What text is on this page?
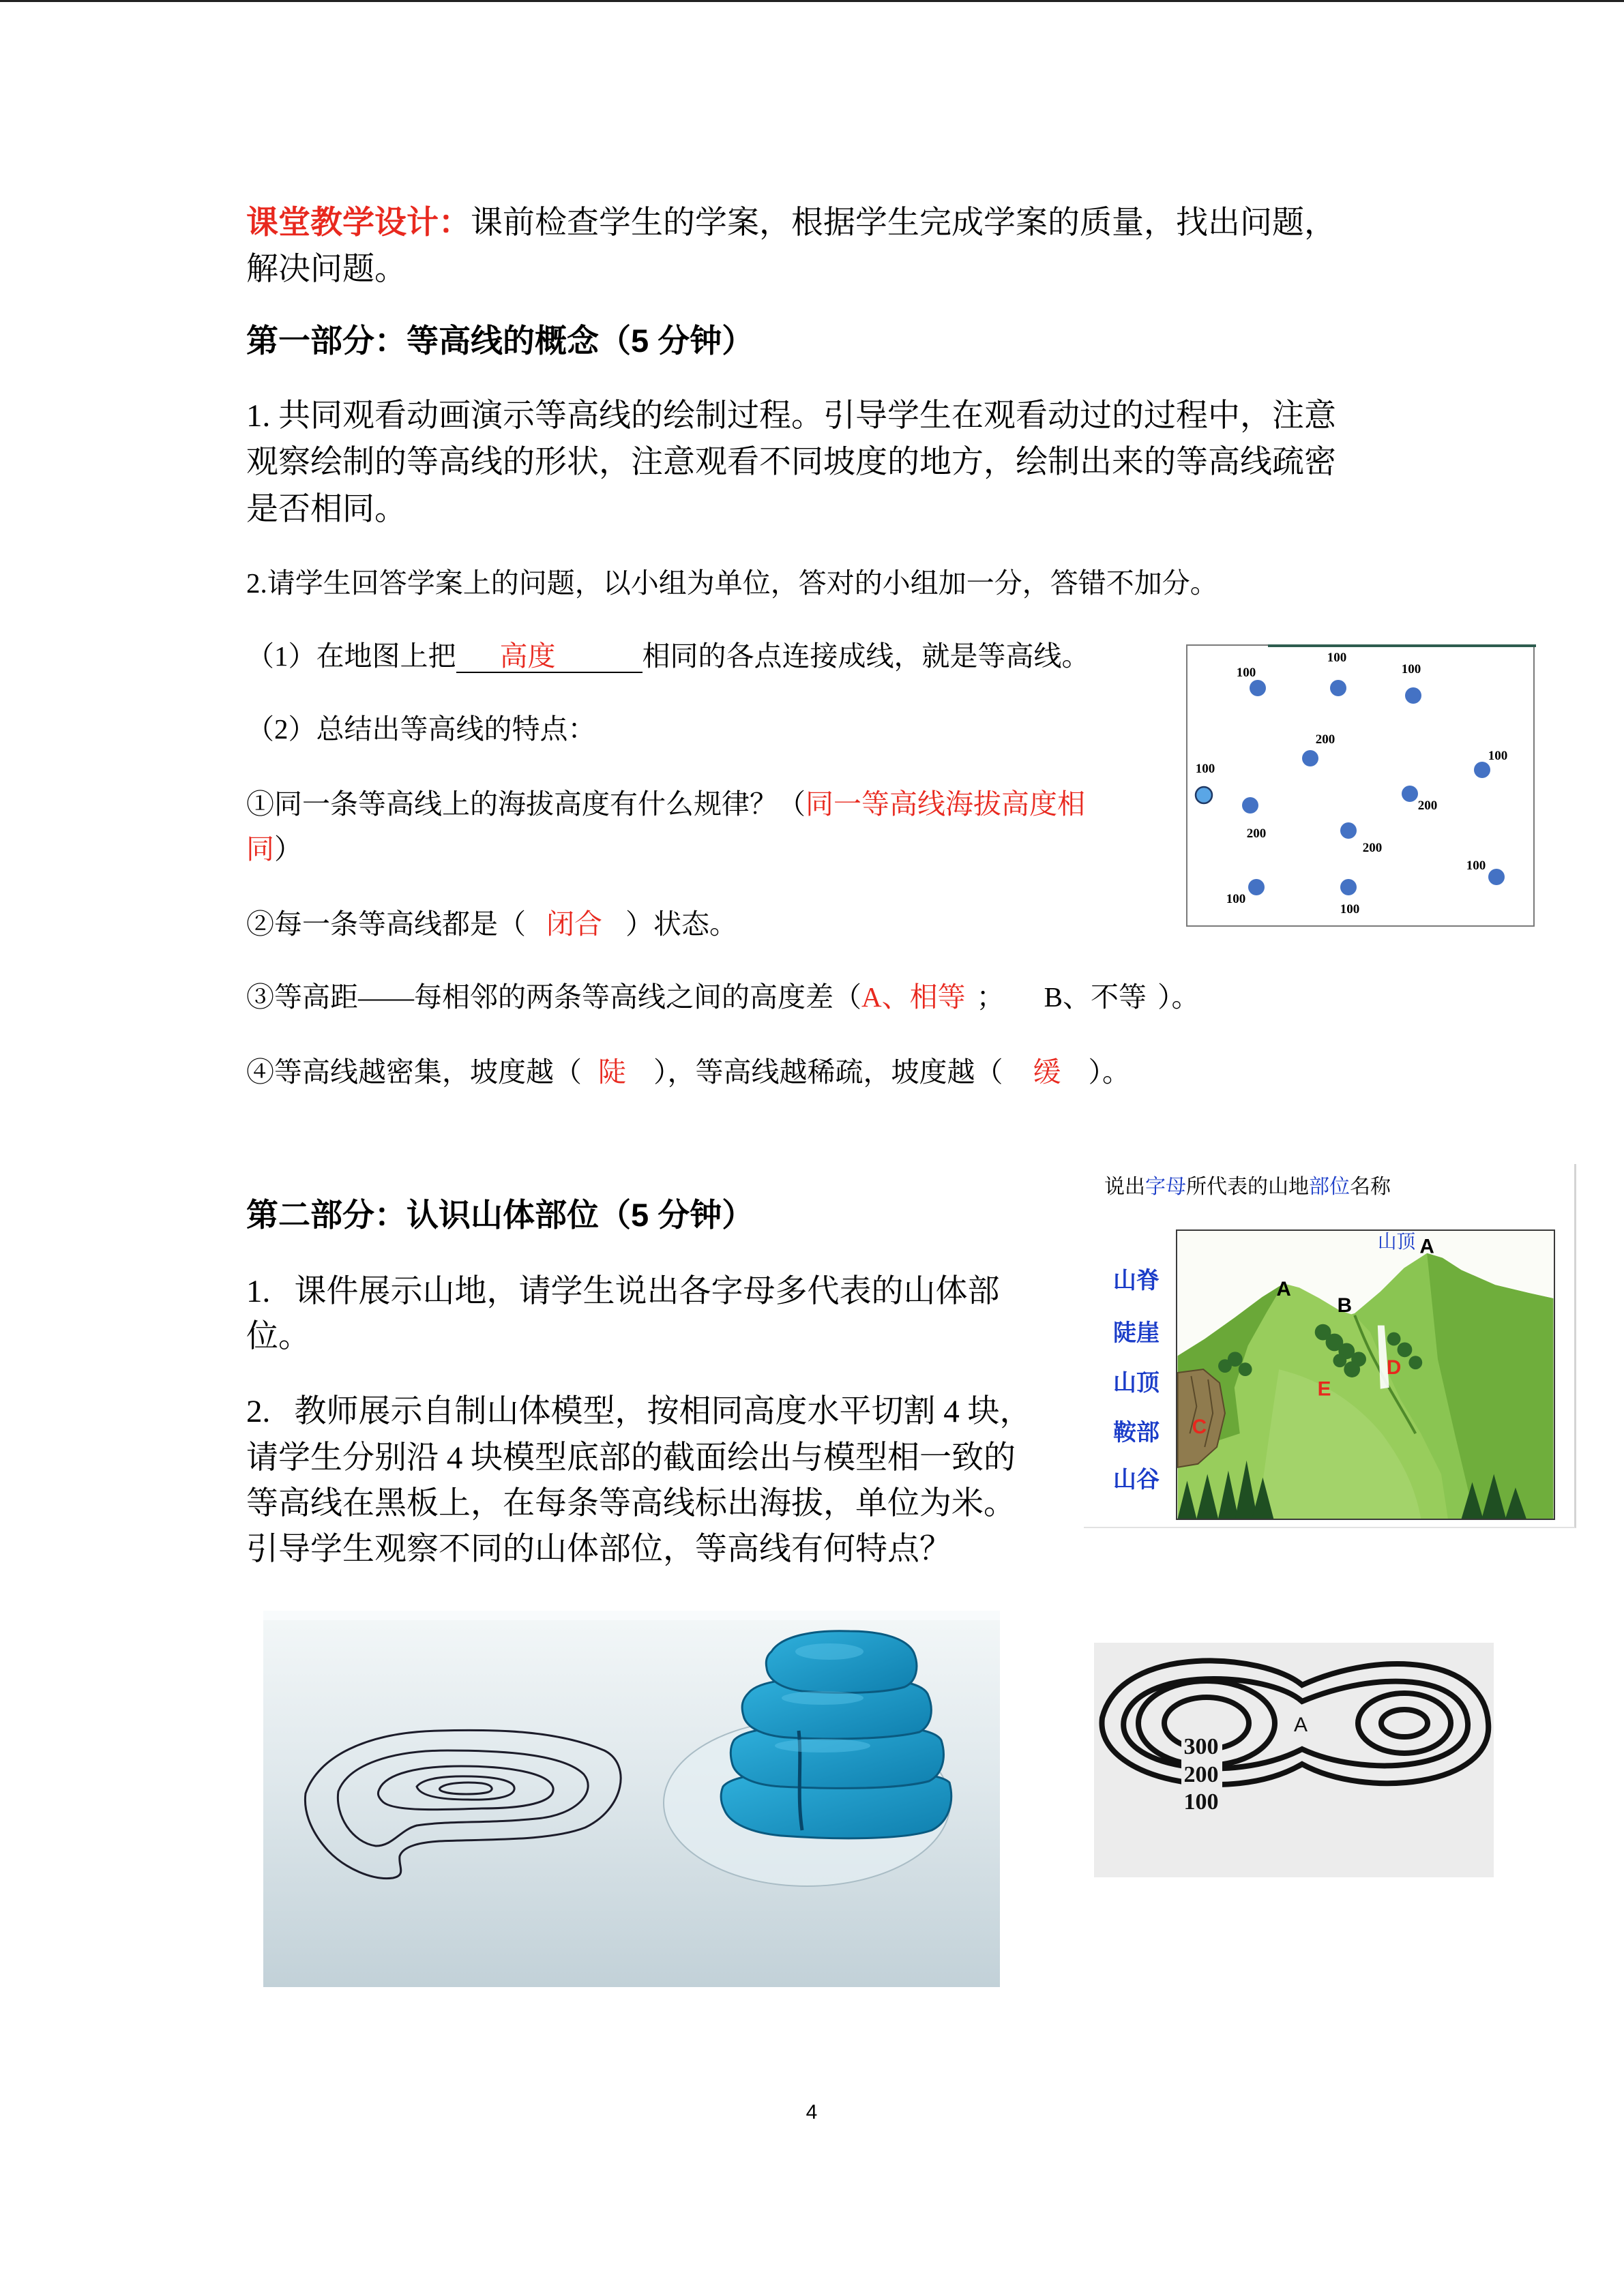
课堂教学设计：课前检查学生的学案，根据学生完成学案的质量，找出问题，
解决问题。
第一部分：等高线的概念（5 分钟）
1. 共同观看动画演示等高线的绘制过程。引导学生在观看动过的过程中，注意
观察绘制的等高线的形状，注意观看不同坡度的地方，绘制出来的等高线疏密
是否相同。
2.请学生回答学案上的问题，以小组为单位，答对的小组加一分，答错不加分。
（1）在地图上把 高度	相同的各点连接成线，就是等高线。
（2）总结出等高线的特点：
①同一条等高线上的海拔高度有什么规律？（同一等高线海拔高度相
同）
②每一条等高线都是（ 闭合 ）状态。
③等高距——每相邻的两条等高线之间的高度差（A、相等 ； B、不等 ）。
④等高线越密集，坡度越（ 陡 ），等高线越稀疏，坡度越（ 缓 ）。
100
100
100
200
100
100
200
200
200
100
100
100
第二部分：认识山体部位（5 分钟）
1.   课件展示山地，请学生说出各字母多代表的山体部
位。
2.   教师展示自制山体模型，按相同高度水平切割 4 块，
请学生分别沿 4 块模型底部的截面绘出与模型相一致的
等高线在黑板上，在每条等高线标出海拔，单位为米。
引导学生观察不同的山体部位，等高线有何特点？
说出字母所代表的山地部位名称
山脊
陡崖
山顶
鞍部
山谷
山顶 A
A
B
E
D
C
300
200
100
A
4
